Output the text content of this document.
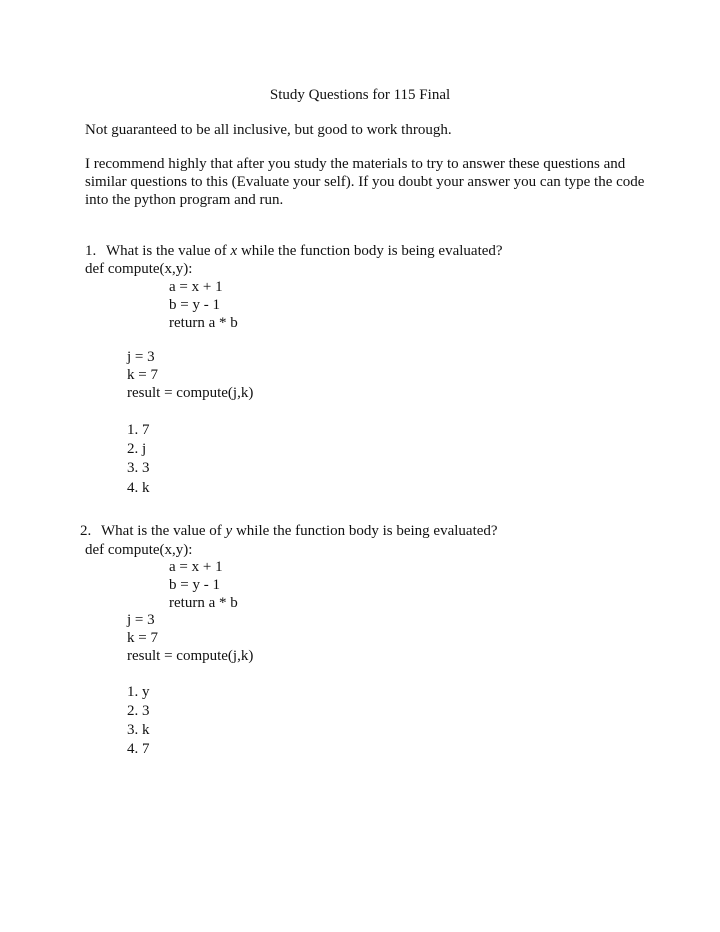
Study Questions for 115 Final

Not guaranteed to be all inclusive, but good to work through.

I recommend highly that after you study the materials to try to answer these questions and similar questions to this (Evaluate your self). If you doubt your answer you can type the code into the python program and run.

1. What is the value of x while the function body is being evaluated?
def compute(x,y):
a = x + 1
b = y - 1
return a * b
j = 3
k = 7
result = compute(j,k)
1. 7
2. j
3. 3
4. k
2. What is the value of y while the function body is being evaluated?
def compute(x,y):
a = x + 1
b = y - 1
return a * b
j = 3
k = 7
result = compute(j,k)
1. y
2. 3
3. k
4. 7
